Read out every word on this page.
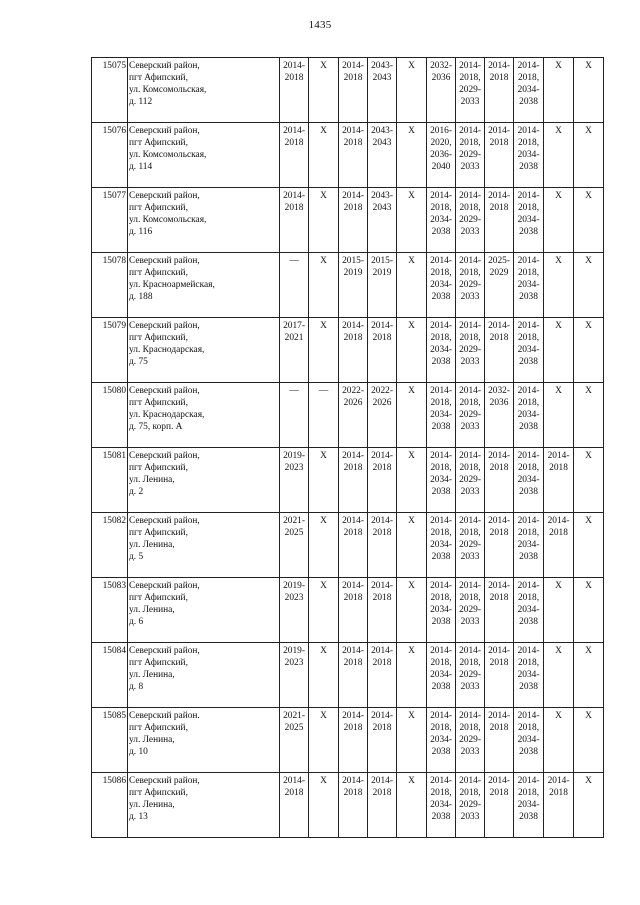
1435
15075	Северский район,
пгт Афипский,
ул. Комсомольская,
д. 112	2014-
2018	X	2014-
2018	2043-
2043	X	2032-
2036	2014-
2018,
2029-
2033	2014-
2018	2014-
2018,
2034-
2038	X	X

15076	Северский район,
пгт Афипский,
ул. Комсомольская,
д. 114	2014-
2018	X	2014-
2018	2043-
2043	X	2016-
2020,
2036-
2040	2014-
2018,
2029-
2033	2014-
2018	2014-
2018,
2034-
2038	X	X

15077	Северский район,
пгт Афипский,
ул. Комсомольская,
д. 116	2014-
2018	X	2014-
2018	2043-
2043	X	2014-
2018,
2034-
2038	2014-
2018,
2029-
2033	2014-
2018	2014-
2018,
2034-
2038	X	X

15078	Северский район,
пгт Афипский,
ул. Красноармейская,
д. 188	—	X	2015-
2019	2015-
2019	X	2014-
2018,
2034-
2038	2014-
2018,
2029-
2033	2025-
2029	2014-
2018,
2034-
2038	X	X

15079	Северский район,
пгт Афипский,
ул. Краснодарская,
д. 75	2017-
2021	X	2014-
2018	2014-
2018	X	2014-
2018,
2034-
2038	2014-
2018,
2029-
2033	2014-
2018	2014-
2018,
2034-
2038	X	X

15080	Северский район,
пгт Афипский,
ул. Краснодарская,
д. 75, корп. А	—	—	2022-
2026	2022-
2026	X	2014-
2018,
2034-
2038	2014-
2018,
2029-
2033	2032-
2036	2014-
2018,
2034-
2038	X	X

15081	Северский район,
пгт Афипский,
ул. Ленина,
д. 2	2019-
2023	X	2014-
2018	2014-
2018	X	2014-
2018,
2034-
2038	2014-
2018,
2029-
2033	2014-
2018	2014-
2018,
2034-
2038	2014-
2018	X

15082	Северский район,
пгт Афипский,
ул. Ленина,
д. 5	2021-
2025	X	2014-
2018	2014-
2018	X	2014-
2018,
2034-
2038	2014-
2018,
2029-
2033	2014-
2018	2014-
2018,
2034-
2038	2014-
2018	X

15083	Северский район,
пгт Афипский,
ул. Ленина,
д. 6	2019-
2023	X	2014-
2018	2014-
2018	X	2014-
2018,
2034-
2038	2014-
2018,
2029-
2033	2014-
2018	2014-
2018,
2034-
2038	X	X

15084	Северский район,
пгт Афипский,
ул. Ленина,
д. 8	2019-
2023	X	2014-
2018	2014-
2018	X	2014-
2018,
2034-
2038	2014-
2018,
2029-
2033	2014-
2018	2014-
2018,
2034-
2038	X	X

15085	Северский район.
пгт Афипский,
ул. Ленина,
д. 10	2021-
2025	X	2014-
2018	2014-
2018	X	2014-
2018,
2034-
2038	2014-
2018,
2029-
2033	2014-
2018	2014-
2018,
2034-
2038	X	X

15086	Северский район,
пгт Афипский,
ул. Ленина,
д. 13	2014-
2018	X	2014-
2018	2014-
2018	X	2014-
2018,
2034-
2038	2014-
2018,
2029-
2033	2014-
2018	2014-
2018,
2034-
2038	2014-
2018	X
